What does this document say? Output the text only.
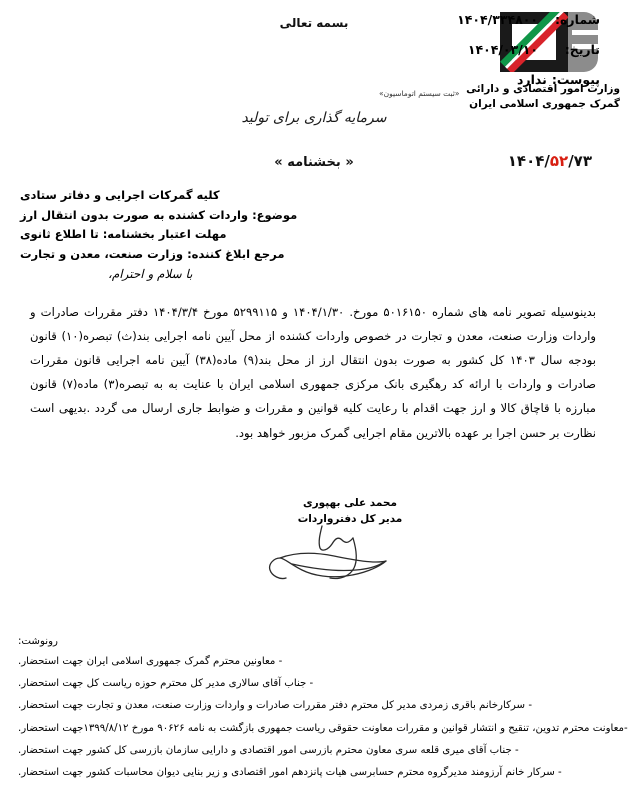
وزارت امور اقتصادی و دارائی
گمرک جمهوری اسلامی ایران
بسمه تعالی	شماره:
۱۴۰۴/۳۳۴۸۰۰
تاریخ:
۱۴۰۴/۰۳/۱۰
پیوست:
ندارد
«ثبت سیستم اتوماسیون»
سرمایه گذاری برای تولید
« بخشنامه »	۱۴۰۴/۵۲/۷۳
کلیه گمرکات اجرایی و دفاتر ستادی
موضوع: واردات کشنده به صورت بدون انتقال ارز
مهلت اعتبار بخشنامه: تا اطلاع ثانوی
مرجع ابلاغ کننده: وزارت صنعت، معدن و تجارت
با سلام و احترام،
بدینوسیله تصویر نامه های شماره ۵۰۱۶۱۵۰ مورخ. ۱۴۰۴/۱/۳۰ و ۵۲۹۹۱۱۵ مورخ ۱۴۰۴/۳/۴ دفتر مقررات صادرات و واردات وزارت صنعت، معدن و تجارت در خصوص واردات کشنده از محل آیین نامه اجرایی بند(ث) تبصره(۱۰) قانون بودجه سال ۱۴۰۳ کل کشور به صورت بدون انتقال ارز از محل بند(۹) ماده(۳۸) آیین نامه اجرایی قانون مقررات صادرات و واردات با ارائه کد رهگیری بانک مرکزی جمهوری اسلامی ایران با عنایت به به تبصره(۳) ماده(۷) قانون مبارزه با قاچاق کالا و ارز جهت اقدام با رعایت کلیه قوانین و مقررات و ضوابط جاری ارسال می گردد .بدیهی است نظارت بر حسن اجرا بر عهده بالاترین مقام اجرایی گمرک مزبور خواهد بود.
محمد علی بهپوری
مدیر کل دفترواردات
رونوشت:
- معاونین محترم گمرک جمهوری اسلامی ایران جهت استحضار.
- جناب آقای سالاری مدیر کل محترم حوزه ریاست کل جهت استحضار.
- سرکارخانم باقری زمردی مدیر کل محترم دفتر مقررات صادرات و واردات وزارت صنعت، معدن و تجارت جهت استحضار.
-معاونت محترم تدوین، تنقیح و انتشار قوانین و مقررات معاونت حقوقی ریاست جمهوری بازگشت به نامه ۹۰۶۲۶ مورخ ۱۳۹۹/۸/۱۲جهت استحضار.
- جناب آقای میری قلعه سری معاون محترم بازرسی امور اقتصادی و دارایی سازمان بازرسی کل کشور جهت استحضار.
- سرکار خانم آرزومند مدیرگروه محترم حسابرسی هیات پانزدهم امور اقتصادی و زیر بنایی دیوان محاسبات کشور جهت استحضار.
